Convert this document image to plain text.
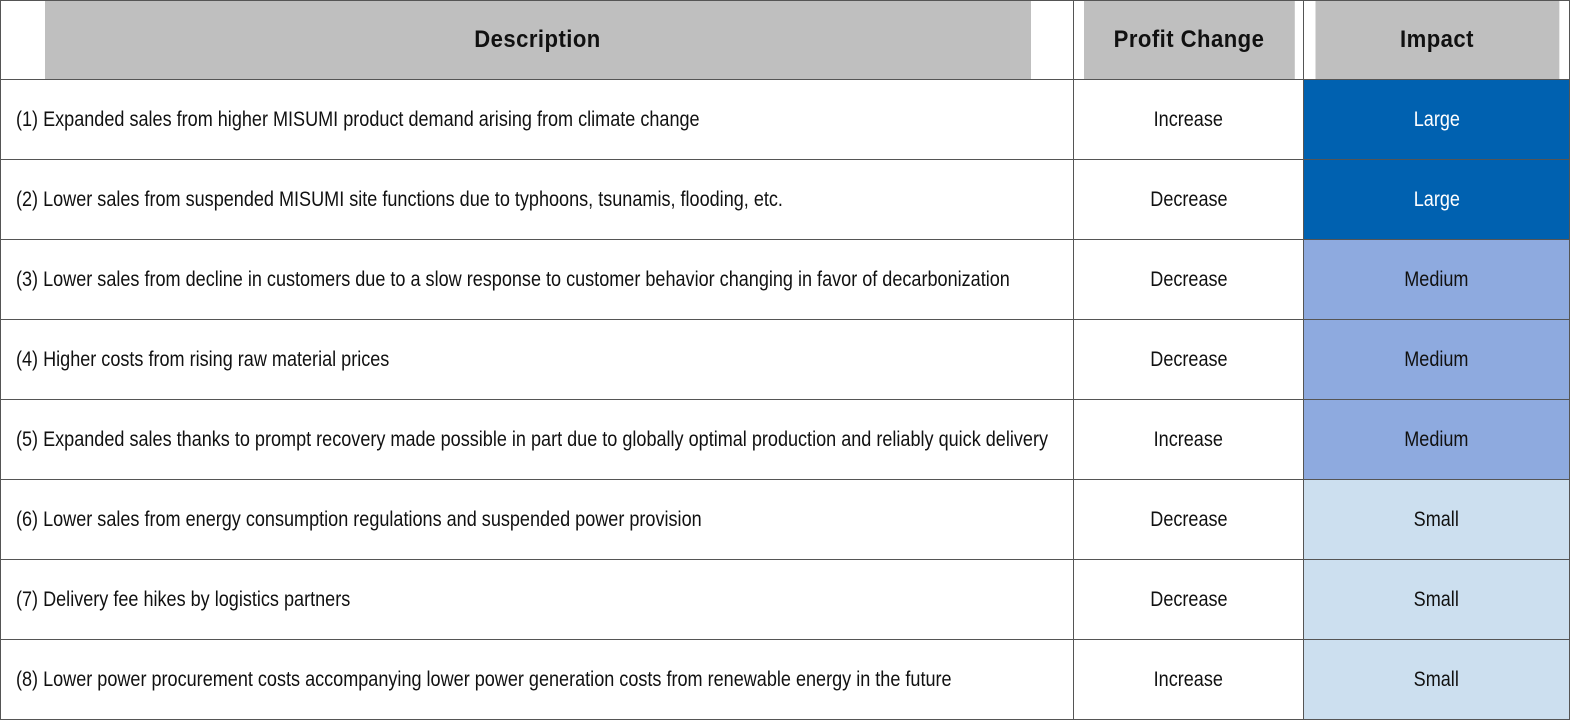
Description	Profit Change	Impact
(1) Expanded sales from higher MISUMI product demand arising from climate change	Increase	Large
(2) Lower sales from suspended MISUMI site functions due to typhoons, tsunamis, flooding, etc.	Decrease	Large
(3) Lower sales from decline in customers due to a slow response to customer behavior changing in favor of decarbonization	Decrease	Medium
(4) Higher costs from rising raw material prices	Decrease	Medium

(5) Expanded sales thanks to prompt recovery made possible in part due to globally optimal production and reliably quick delivery	Increase	Medium
(6) Lower sales from energy consumption regulations and suspended power provision	Decrease	Small
(7) Delivery fee hikes by logistics partners	Decrease	Small
(8) Lower power procurement costs accompanying lower power generation costs from renewable energy in the future	Increase	Small
